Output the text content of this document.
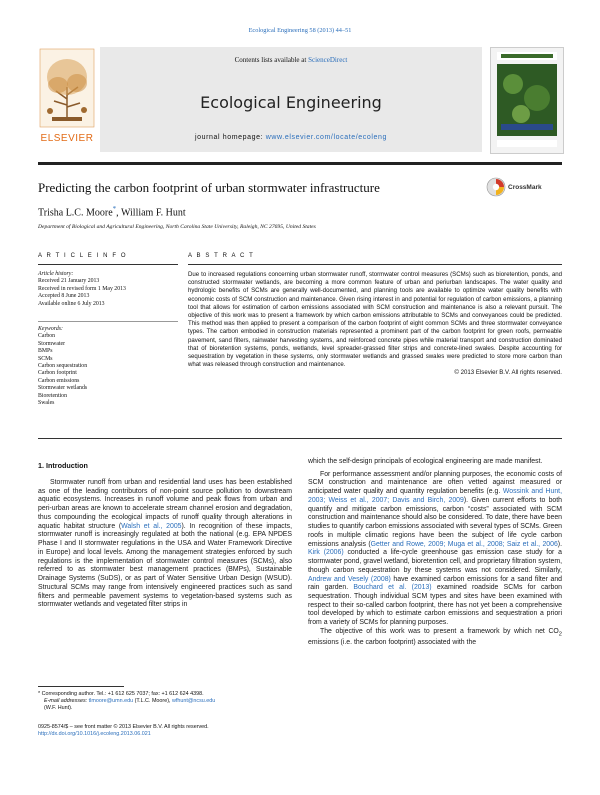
Ecological Engineering 58 (2013) 44–51
ELSEVIER
Contents lists available at ScienceDirect
Ecological Engineering
journal homepage: www.elsevier.com/locate/ecoleng
Predicting the carbon footprint of urban stormwater infrastructure	CrossMark
Trisha L.C. Moore*, William F. Hunt
Department of Biological and Agricultural Engineering, North Carolina State University, Raleigh, NC 27695, United States
A R T I C L E I N F O	A B S T R A C T
Article history:
Received 21 January 2013
Received in revised form 1 May 2013
Accepted 8 June 2013
Available online 6 July 2013
Keywords:
Carbon
Stormwater
BMPs
SCMs
Carbon sequestration
Carbon footprint
Carbon emissions
Stormwater wetlands
Bioretention
Swales
Due to increased regulations concerning urban stormwater runoff, stormwater control measures (SCMs) such as bioretention, ponds, and constructed stormwater wetlands, are becoming a more common feature of urban and periurban landscapes. The water quality and hydrologic benefits of SCMs are generally well-documented, and planning tools are available to optimize water quality benefits with economic costs of SCM construction and maintenance. Given rising interest in and potential for regulation of carbon emissions, a planning tool that allows for estimation of carbon emissions associated with SCM construction and maintenance is also a relevant pursuit. The objective of this work was to present a framework by which carbon emissions attributable to SCMs and conveyances could be predicted. This method was then applied to present a comparison of the carbon footprint of eight common SCMs and three stormwater conveyance types. The carbon embodied in construction materials represented a prominent part of the carbon footprint for green roofs, permeable pavement, sand filters, rainwater harvesting systems, and reinforced concrete pipes while material transport and construction dominated that of bioretention systems, ponds, wetlands, level spreader-grassed filter strips and concrete-lined swales. Despite accounting for sequestration by vegetation in these systems, only stormwater wetlands and grassed swales were predicted to store more carbon than what was released through construction and maintenance.
© 2013 Elsevier B.V. All rights reserved.
1. Introduction

Stormwater runoff from urban and residential land uses has been established as one of the leading contributors of non-point source pollution to downstream aquatic ecosystems. Increases in runoff volume and peak flows from urban and peri-urban areas are known to accelerate stream channel erosion and degradation, thus compounding the ecological impacts of runoff quality through alterations in aquatic habitat structure (Walsh et al., 2005). In recognition of these impacts, stormwater runoff is increasingly regulated at both the national (e.g. EPA NPDES Phase I and II stormwater regulations in the USA and Water Framework Directive in Europe) and local levels. Among the management strategies enforced by such regulations is the implementation of stormwater control measures (SCMs), also referred to as stormwater best management practices (BMPs), Sustainable Drainage Systems (SuDS), or as part of Water Sensitive Urban Design (WSUD). Structural SCMs may range from intensively engineered practices such as sand filters and permeable pavement systems to vegetation-based systems such as stormwater wetlands and vegetated filter strips in

which the self-design principals of ecological engineering are made manifest.

For performance assessment and/or planning purposes, the economic costs of SCM construction and maintenance are often vetted against measured or anticipated water quality and quantity regulation benefits (e.g. Wossink and Hunt, 2003; Weiss et al., 2007; Davis and Birch, 2009). Given current efforts to both quantify and mitigate carbon emissions, carbon “costs” associated with SCM construction and maintenance should also be considered. To date, there have been studies to quantify carbon emissions associated with several types of SCMs. Green roofs in multiple climatic regions have been the subject of life cycle carbon emissions analysis (Getter and Rowe, 2009; Muga et al., 2008; Saiz et al., 2006). Kirk (2006) conducted a life-cycle greenhouse gas emission case study for a stormwater pond, gravel wetland, bioretention cell, and proprietary filtration system, though carbon sequestration by these systems was not considered. Similarly, Andrew and Vesely (2008) have examined carbon emissions for a sand filter and rain garden. Bouchard et al. (2013) examined roadside SCMs for carbon sequestration. Though individual SCM types and sites have been examined with respect to their so-called carbon footprint, there has not yet been a comprehensive tool developed by which to estimate carbon emissions and sequestration a priori from a variety of SCMs for planning purposes.

The objective of this work was to present a framework by which net $CO_2$ emissions (i.e. the carbon footprint) associated with the

* Corresponding author. Tel.: +1 612 625 7037; fax: +1 612 624 4398.
E-mail addresses: tlmoore@umn.edu (T.L.C. Moore), wfhunt@ncsu.edu
(W.F. Hunt).
0925-8574/$ – see front matter © 2013 Elsevier B.V. All rights reserved.
http://dx.doi.org/10.1016/j.ecoleng.2013.06.021
